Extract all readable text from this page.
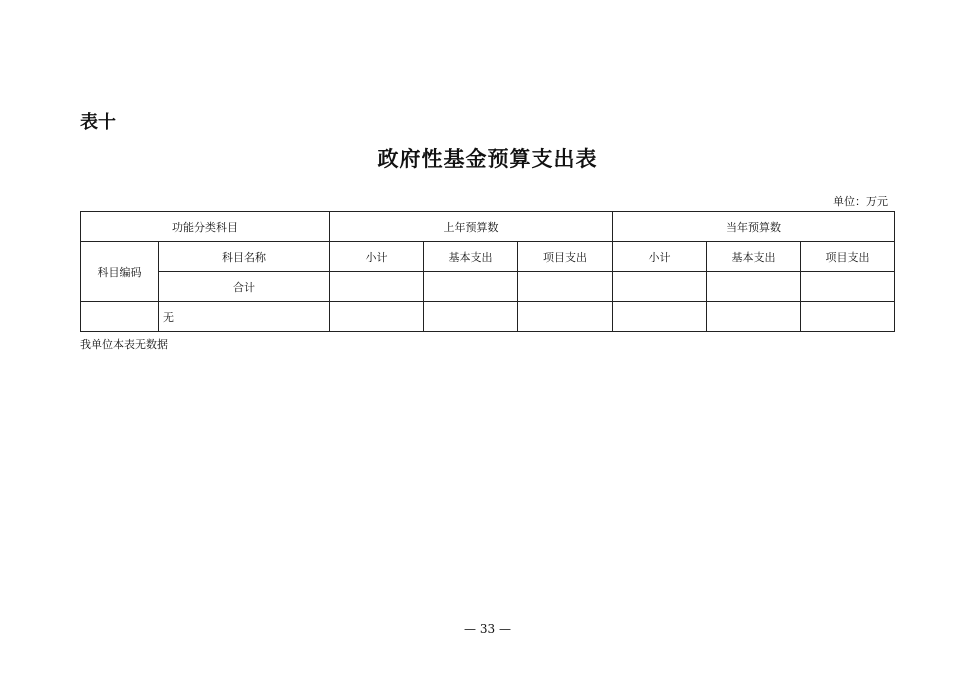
表十
政府性基金预算支出表
单位：万元
功能分类科目		上年预算数			当年预算数		
科目编码	科目名称	小计	基本支出	项目支出	小计	基本支出	项目支出
	合计						
	无						
我单位本表无数据
— 33 —
